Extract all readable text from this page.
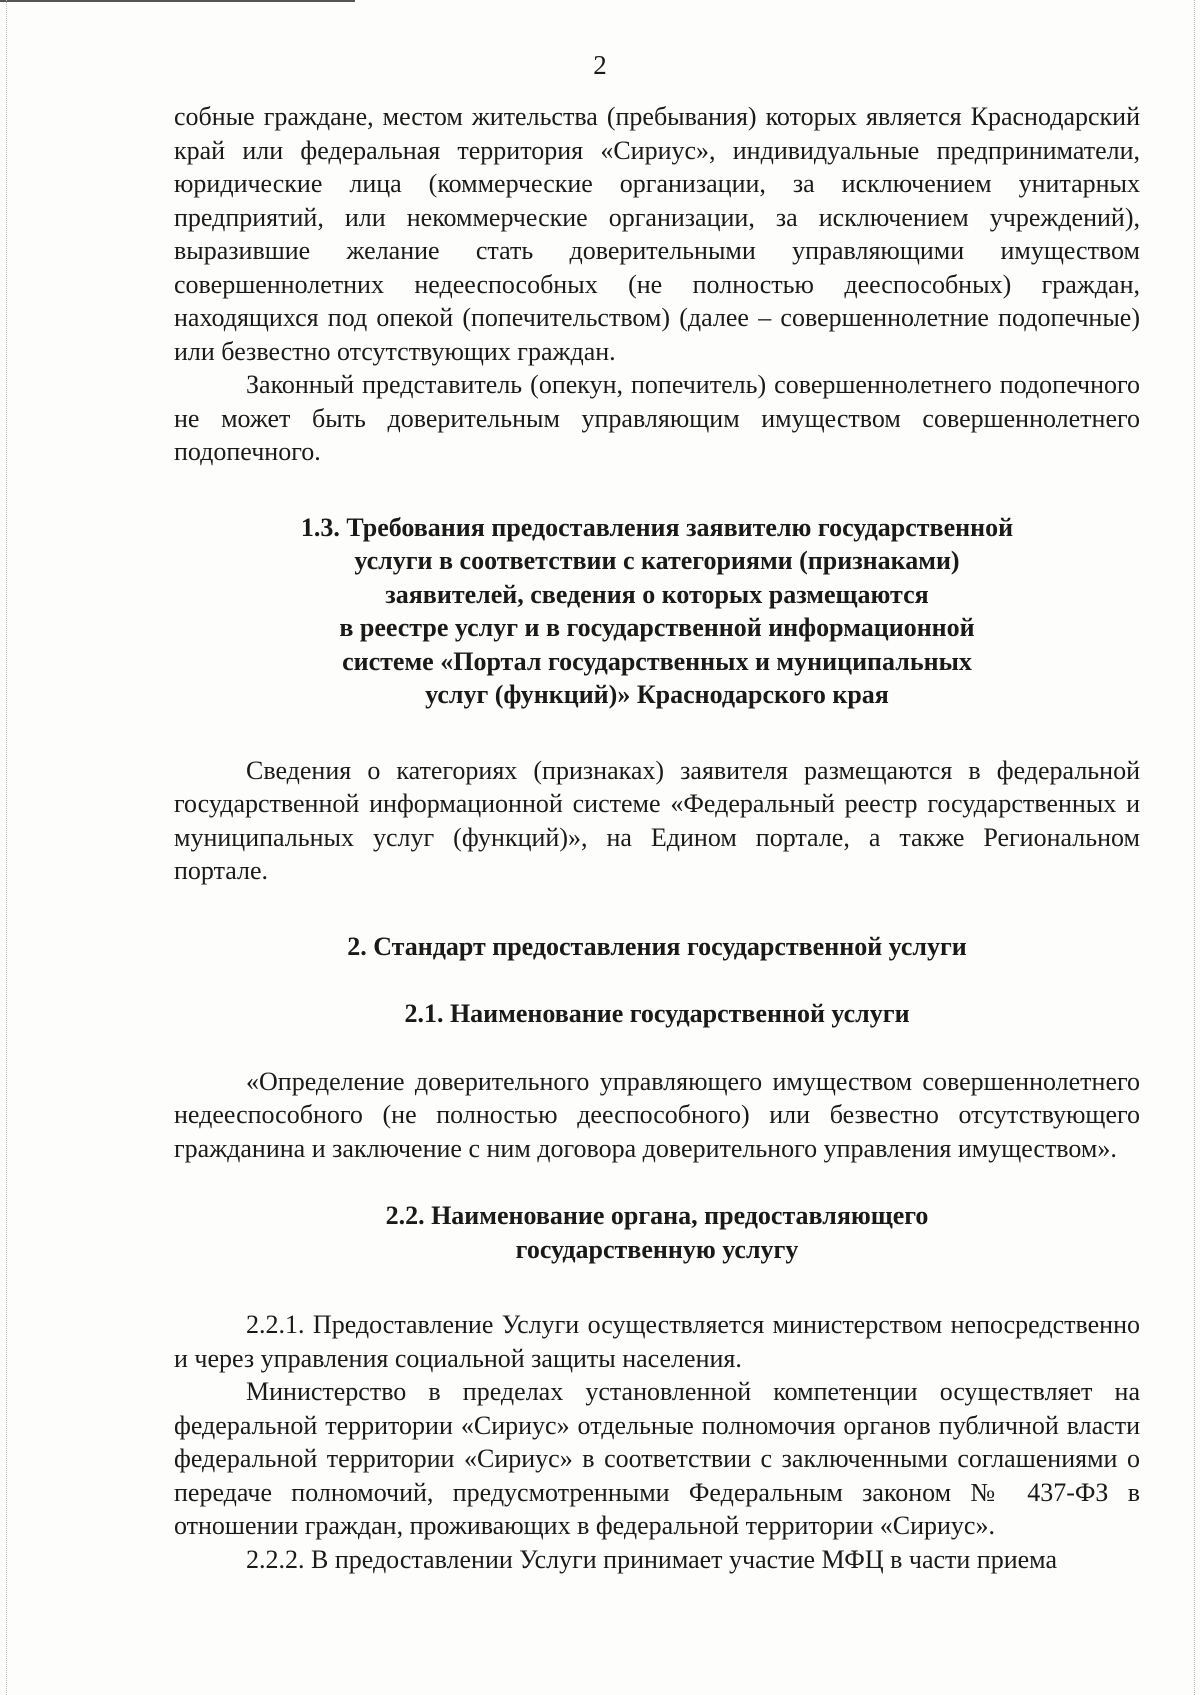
2

собные граждане, местом жительства (пребывания) которых является Краснодарский край или федеральная территория «Сириус», индивидуальные предприниматели, юридические лица (коммерческие организации, за исключением унитарных предприятий, или некоммерческие организации, за исключением учреждений), выразившие желание стать доверительными управляющими имуществом совершеннолетних недееспособных (не полностью дееспособных) граждан, находящихся под опекой (попечительством) (далее – совершеннолетние подопечные) или безвестно отсутствующих граждан.

Законный представитель (опекун, попечитель) совершеннолетнего подопечного не может быть доверительным управляющим имуществом совершеннолетнего подопечного.

1.3. Требования предоставления заявителю государственной
услуги в соответствии с категориями (признаками)
заявителей, сведения о которых размещаются
в реестре услуг и в государственной информационной
системе «Портал государственных и муниципальных
услуг (функций)» Краснодарского края

Сведения о категориях (признаках) заявителя размещаются в федеральной государственной информационной системе «Федеральный реестр государственных и муниципальных услуг (функций)», на Едином портале, а также Региональном портале.

2. Стандарт предоставления государственной услуги
2.1. Наименование государственной услуги

«Определение доверительного управляющего имуществом совершеннолетнего недееспособного (не полностью дееспособного) или безвестно отсутствующего гражданина и заключение с ним договора доверительного управления имуществом».

2.2. Наименование органа, предоставляющего
государственную услугу

2.2.1. Предоставление Услуги осуществляется министерством непосредственно и через управления социальной защиты населения.

Министерство в пределах установленной компетенции осуществляет на федеральной территории «Сириус» отдельные полномочия органов публичной власти федеральной территории «Сириус» в соответствии с заключенными соглашениями о передаче полномочий, предусмотренными Федеральным законом № 437-ФЗ в отношении граждан, проживающих в федеральной территории «Сириус».

2.2.2. В предоставлении Услуги принимает участие МФЦ в части приема
